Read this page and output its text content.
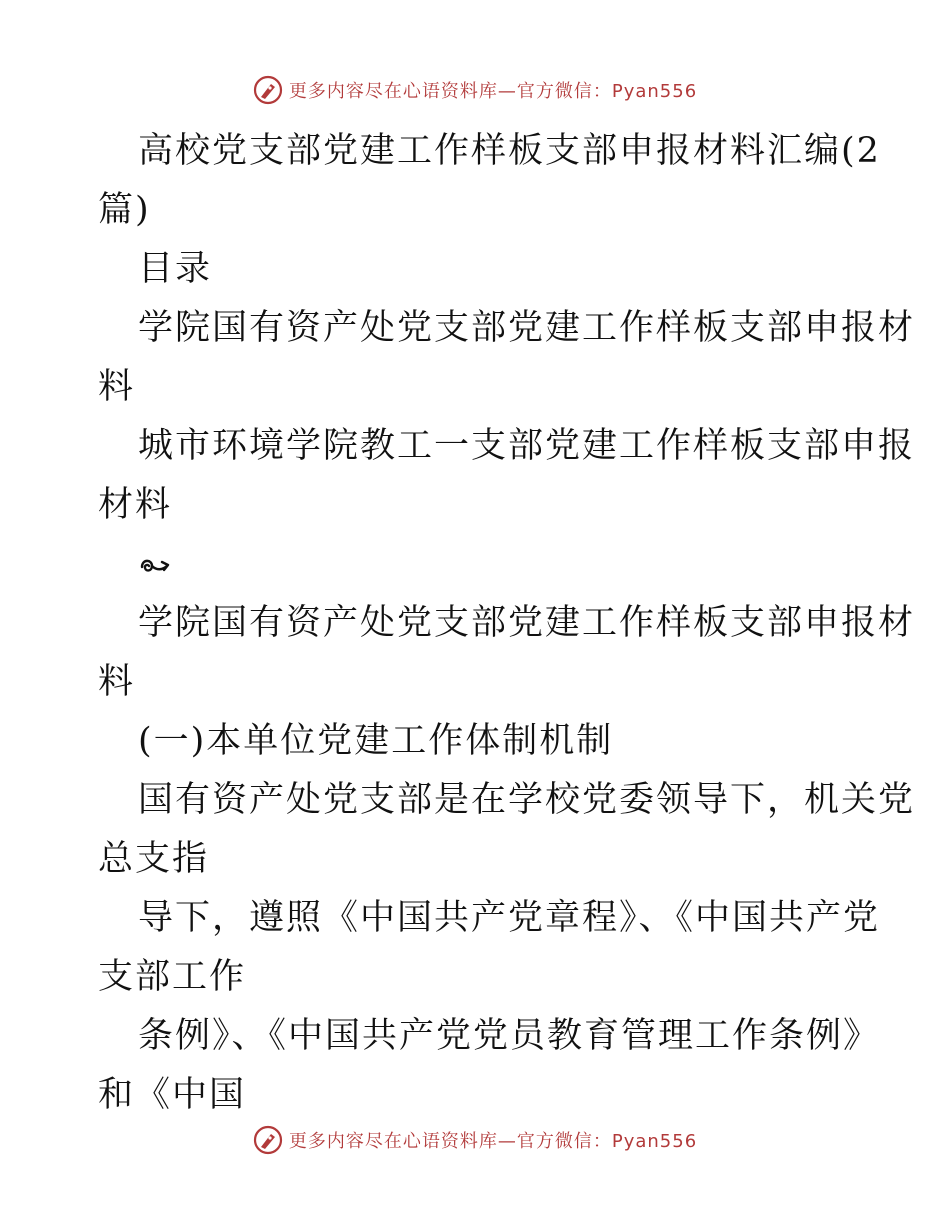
更多内容尽在心语资料库—官方微信：Pyan556
高校党支部党建工作样板支部申报材料汇编(2
篇)
目录
学院国有资产处党支部党建工作样板支部申报材
料
城市环境学院教工一支部党建工作样板支部申报
材料
学院国有资产处党支部党建工作样板支部申报材
料
(一)本单位党建工作体制机制
国有资产处党支部是在学校党委领导下，机关党
总支指
导下，遵照《中国共产党章程》、《中国共产党
支部工作
条例》、《中国共产党党员教育管理工作条例》
和《中国
更多内容尽在心语资料库—官方微信：Pyan556
